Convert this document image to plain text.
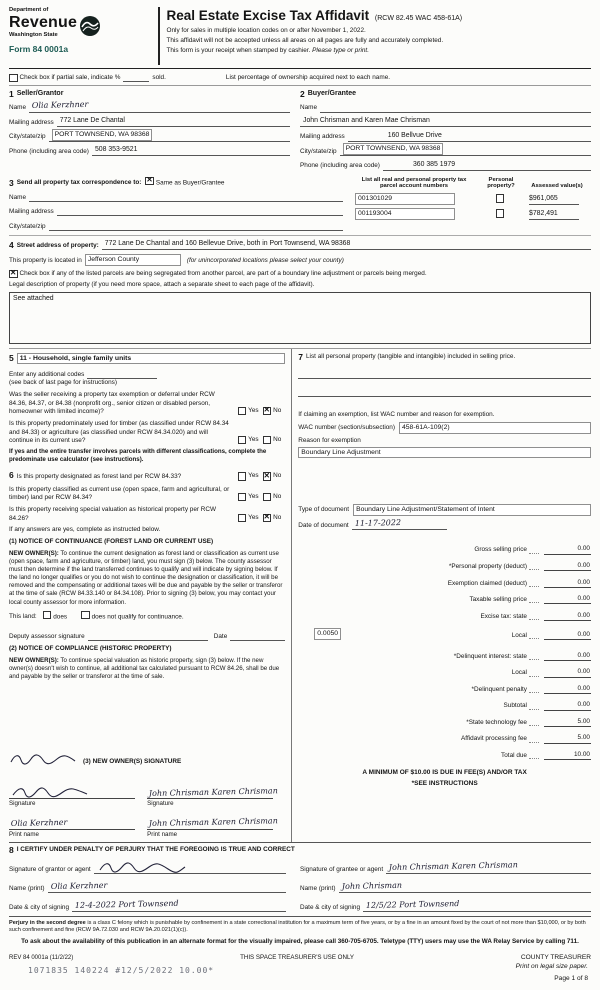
Department of
Revenue
Washington State
Form 84 0001a
Real Estate Excise Tax Affidavit (RCW 82.45 WAC 458-61A)
Only for sales in multiple location codes on or after November 1, 2022.
This affidavit will not be accepted unless all areas on all pages are fully and accurately completed.
This form is your receipt when stamped by cashier. Please type or print.
Check box if partial sale, indicate %	sold.	List percentage of ownership acquired next to each name.
1 Seller/Grantor
Name Olia Kerzhner
Mailing address 772 Lane De Chantal
City/state/zip	PORT TOWNSEND, WA 98368
Phone (including area code) 508 353-9521
2 Buyer/Grantee
Name
John Chrisman and Karen Mae Chrisman
Mailing address	160 Bellvue Drive
City/state/zip	PORT TOWNSEND, WA 98368
Phone (including area code)	360 385 1979
3 Send all property tax correspondence to: ✕	Same as Buyer/Grantee
Name
Mailing address
City/state/zip
List all real and personal property tax parcel account numbers
Personal property?	Assessed value(s)
001301029	$961,065
001193004	$782,491
4 Street address of property: 772 Lane De Chantal and 160 Bellevue Drive, both in Port Townsend, WA 98368
This property is located in Jefferson County	(for unincorporated locations please select your county)
✕
Check box if any of the listed parcels are being segregated from another parcel, are part of a boundary line adjustment or parcels being merged.
Legal description of property (if you need more space, attach a separate sheet to each page of the affidavit).
See attached
5 11 - Household, single family units
Enter any additional codes
(see back of last page for instructions)
Was the seller receiving a property tax exemption or deferral under RCW 84.36, 84.37, or 84.38 (nonprofit org., senior citizen or disabled person, homeowner with limited income)?	Yes ✕ No
Is this property predominately used for timber (as classified under RCW 84.34 and 84.33) or agriculture (as classified under RCW 84.34.020) and will continue in its current use?	Yes No
If yes and the entire transfer involves parcels with different classifications, complete the predominate use calculator (see instructions).
6 Is this property designated as forest land per RCW 84.33?	Yes ✕ No
Is this property classified as current use (open space, farm and agricultural, or timber) land per RCW 84.34?	Yes No
Is this property receiving special valuation as historical property per RCW 84.26?	Yes ✕ No
If any answers are yes, complete as instructed below.
(1) NOTICE OF CONTINUANCE (FOREST LAND OR CURRENT USE)
NEW OWNER(S): To continue the current designation as forest land or classification as current use (open space, farm and agriculture, or timber) land, you must sign (3) below. The county assessor must then determine if the land transferred continues to qualify and will indicate by signing below. If the land no longer qualifies or you do not wish to continue the designation or classification, it will be removed and the compensating or additional taxes will be due and payable by the seller or transferor at the time of sale (RCW 84.33.140 or 84.34.108). Prior to signing (3) below, you may contact your local county assessor for more information.
This land:	does	does not qualify for continuance.
Deputy assessor signature	Date
(2) NOTICE OF COMPLIANCE (HISTORIC PROPERTY)
NEW OWNER(S): To continue special valuation as historic property, sign (3) below. If the new owner(s) doesn't wish to continue, all additional tax calculated pursuant to RCW 84.26, shall be due and payable by the seller or transferor at the time of sale.
(3) NEW OWNER(S) SIGNATURE
Signature
Olia Kerzhner
Print name
John Chrisman Karen Chrisman
Signature
John Chrisman Karen Chrisman
Print name
7 List all personal property (tangible and intangible) included in selling price.
If claiming an exemption, list WAC number and reason for exemption.
WAC number (section/subsection)	458-61A-109(2)
Reason for exemption
Boundary Line Adjustment
Type of document	Boundary Line Adjustment/Statement of Intent
Date of document 11-17-2022
Gross selling price	0.00
*Personal property (deduct)	0.00
Exemption claimed (deduct)	0.00
Taxable selling price	0.00
Excise tax: state	0.00
0.0050	Local	0.00
*Delinquent interest: state	0.00
Local	0.00
*Delinquent penalty	0.00
Subtotal	0.00
*State technology fee	5.00
Affidavit processing fee	5.00
Total due	10.00
A MINIMUM OF $10.00 IS DUE IN FEE(S) AND/OR TAX
*SEE INSTRUCTIONS
8 I CERTIFY UNDER PENALTY OF PERJURY THAT THE FOREGOING IS TRUE AND CORRECT
Signature of grantor or agent
Name (print) Olia Kerzhner
Date & city of signing 12-4-2022 Port Townsend
Signature of grantee or agent John Chrisman Karen Chrisman
Name (print) John Chrisman
Date & city of signing 12/5/22 Port Townsend
Perjury in the second degree is a class C felony which is punishable by confinement in a state correctional institution for a maximum term of five years, or by a fine in an amount fixed by the court of not more than $10,000, or by both such confinement and fine (RCW 9A.72.030 and RCW 9A.20.021(1)(c)).
To ask about the availability of this publication in an alternate format for the visually impaired, please call 360-705-6705. Teletype (TTY) users may use the WA Relay Service by calling 711.
REV 84 0001a (11/2/22)	THIS SPACE TREASURER'S USE ONLY	COUNTY TREASURER
1071835 140224 #12/5/2022 10.00*	Print on legal size paper.
Page 1 of 8
